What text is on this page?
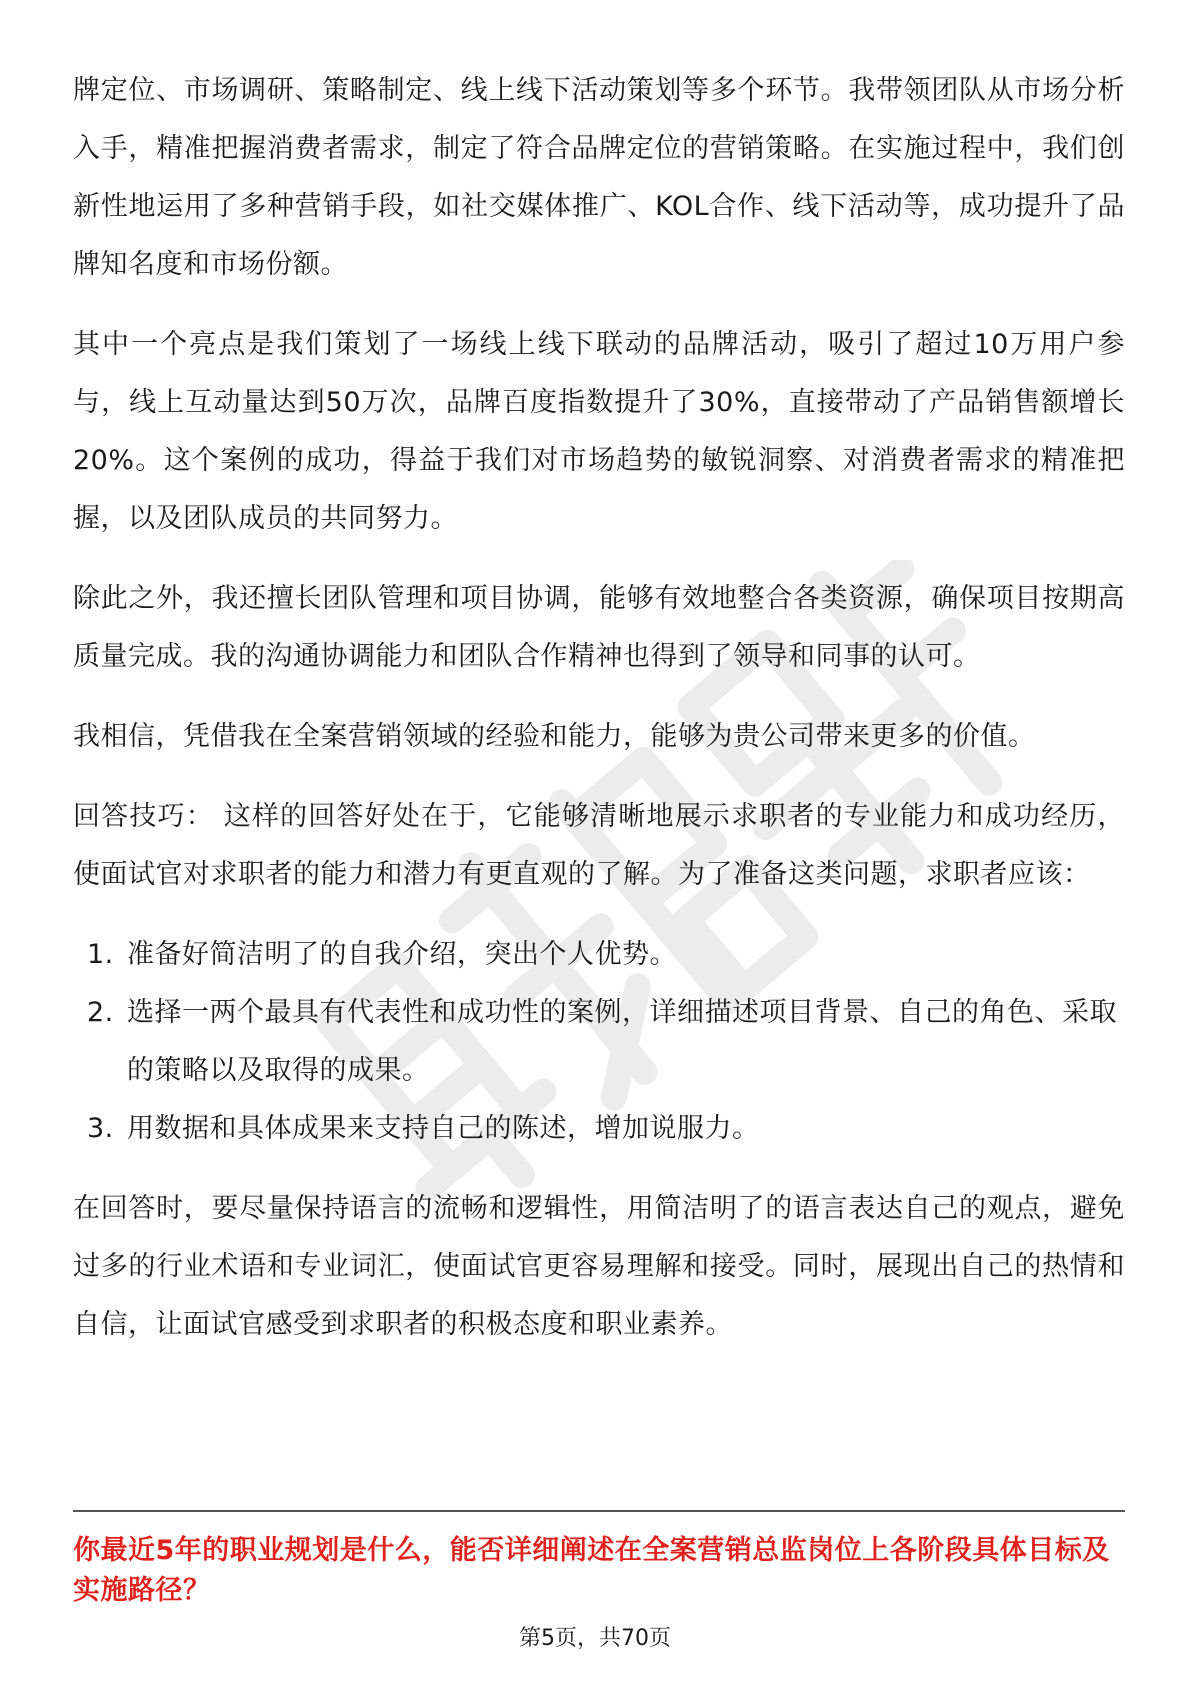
牌定位、市场调研、策略制定、线上线下活动策划等多个环节。我带领团队从市场分析入手，精准把握消费者需求，制定了符合品牌定位的营销策略。在实施过程中，我们创新性地运用了多种营销手段，如社交媒体推广、KOL合作、线下活动等，成功提升了品牌知名度和市场份额。

其中一个亮点是我们策划了一场线上线下联动的品牌活动，吸引了超过10万用户参与，线上互动量达到50万次，品牌百度指数提升了30%，直接带动了产品销售额增长20%。这个案例的成功，得益于我们对市场趋势的敏锐洞察、对消费者需求的精准把握，以及团队成员的共同努力。

除此之外，我还擅长团队管理和项目协调，能够有效地整合各类资源，确保项目按期高质量完成。我的沟通协调能力和团队合作精神也得到了领导和同事的认可。

我相信，凭借我在全案营销领域的经验和能力，能够为贵公司带来更多的价值。

回答技巧： 这样的回答好处在于，它能够清晰地展示求职者的专业能力和成功经历，使面试官对求职者的能力和潜力有更直观的了解。为了准备这类问题，求职者应该：

1. 准备好简洁明了的自我介绍，突出个人优势。
2. 选择一两个最具有代表性和成功性的案例，详细描述项目背景、自己的角色、采取的策略以及取得的成果。
3. 用数据和具体成果来支持自己的陈述，增加说服力。

在回答时，要尽量保持语言的流畅和逻辑性，用简洁明了的语言表达自己的观点，避免过多的行业术语和专业词汇，使面试官更容易理解和接受。同时，展现出自己的热情和自信，让面试官感受到求职者的积极态度和职业素养。

你最近5年的职业规划是什么，能否详细阐述在全案营销总监岗位上各阶段具体目标及实施路径？
第5页，共70页
